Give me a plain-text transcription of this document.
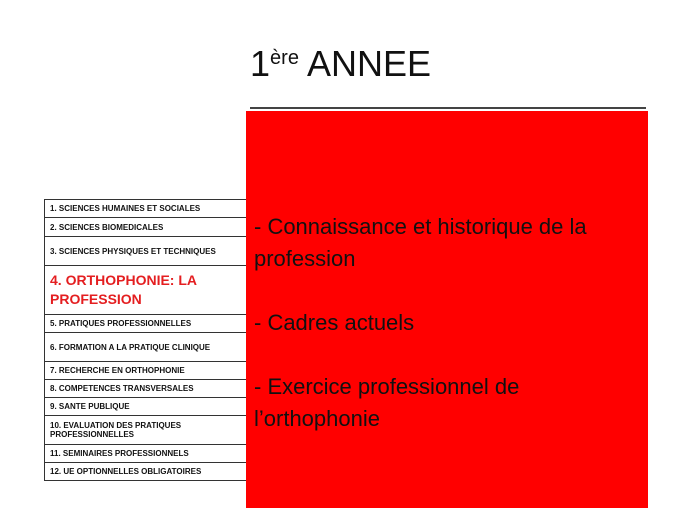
1ère ANNEE
1. SCIENCES HUMAINES ET SOCIALES
2. SCIENCES BIOMEDICALES
3. SCIENCES PHYSIQUES ET TECHNIQUES
4. ORTHOPHONIE: LA PROFESSION
5. PRATIQUES PROFESSIONNELLES
6. FORMATION A LA PRATIQUE CLINIQUE
7. RECHERCHE EN ORTHOPHONIE
8. COMPETENCES TRANSVERSALES
9. SANTE PUBLIQUE
10. EVALUATION DES PRATIQUES PROFESSIONNELLES
11. SEMINAIRES PROFESSIONNELS
12. UE OPTIONNELLES OBLIGATOIRES
- Connaissance et historique de la profession
- Cadres actuels
- Exercice professionnel de l’orthophonie
